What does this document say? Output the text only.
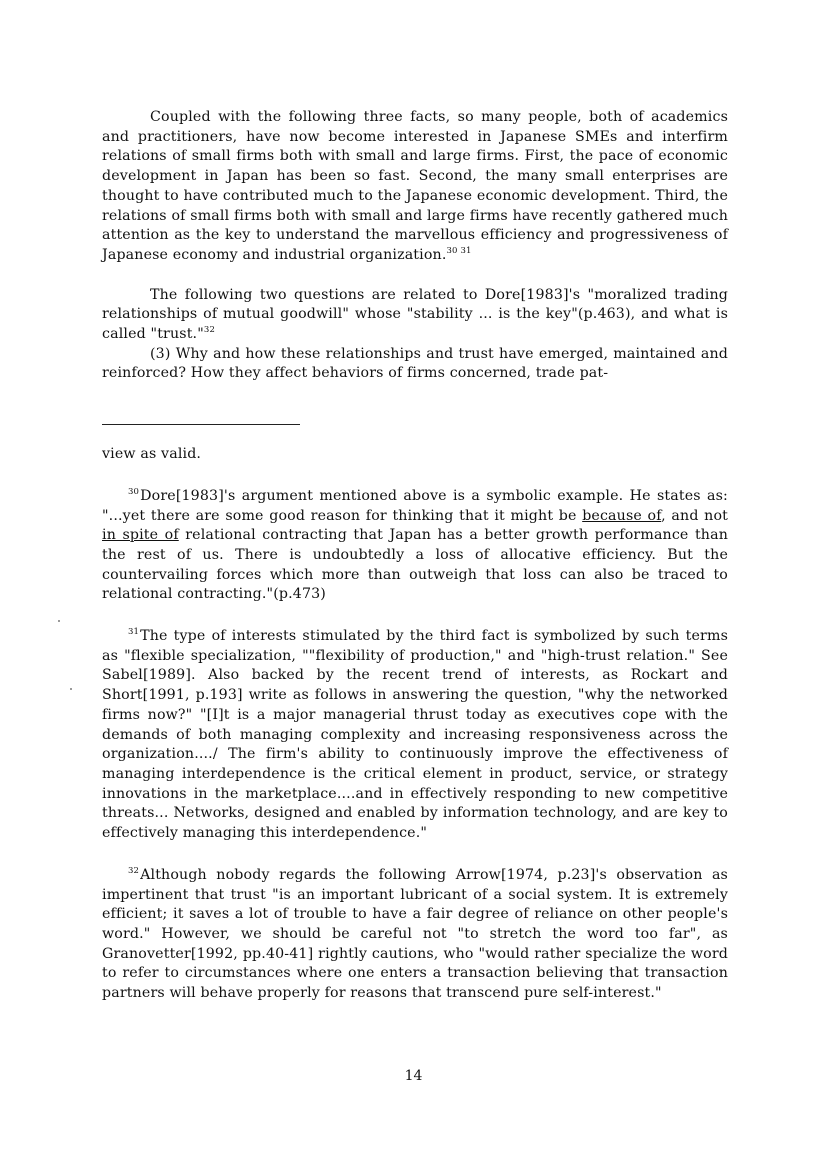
Coupled with the following three facts, so many people, both of academics and practitioners, have now become interested in Japanese SMEs and interfirm relations of small firms both with small and large firms. First, the pace of economic development in Japan has been so fast. Second, the many small enterprises are thought to have contributed much to the Japanese economic development. Third, the relations of small firms both with small and large firms have recently gathered much attention as the key to understand the marvellous efficiency and progressiveness of Japanese economy and industrial organization.$^{30 31}$

The following two questions are related to Dore[1983]'s "moralized trading relationships of mutual goodwill" whose "stability ... is the key"(p.463), and what is called "trust."$^{32}$

(3) Why and how these relationships and trust have emerged, maintained and reinforced? How they affect behaviors of firms concerned, trade pat-

view as valid.

$^{30}$Dore[1983]'s argument mentioned above is a symbolic example. He states as: "...yet there are some good reason for thinking that it might be because of, and not in spite of relational contracting that Japan has a better growth performance than the rest of us. There is undoubtedly a loss of allocative efficiency. But the countervailing forces which more than outweigh that loss can also be traced to relational contracting."(p.473)

$^{31}$The type of interests stimulated by the third fact is symbolized by such terms as "flexible specialization, ""flexibility of production," and "high-trust relation." See Sabel[1989]. Also backed by the recent trend of interests, as Rockart and Short[1991, p.193] write as follows in answering the question, "why the networked firms now?" "[I]t is a major managerial thrust today as executives cope with the demands of both managing complexity and increasing responsiveness across the organization..../ The firm's ability to continuously improve the effectiveness of managing interdependence is the critical element in product, service, or strategy innovations in the marketplace....and in effectively responding to new competitive threats... Networks, designed and enabled by information technology, and are key to effectively managing this interdependence."

$^{32}$Although nobody regards the following Arrow[1974, p.23]'s observation as impertinent that trust "is an important lubricant of a social system. It is extremely efficient; it saves a lot of trouble to have a fair degree of reliance on other people's word." However, we should be careful not "to stretch the word too far", as Granovetter[1992, pp.40-41] rightly cautions, who "would rather specialize the word to refer to circumstances where one enters a transaction believing that transaction partners will behave properly for reasons that transcend pure self-interest."

14
